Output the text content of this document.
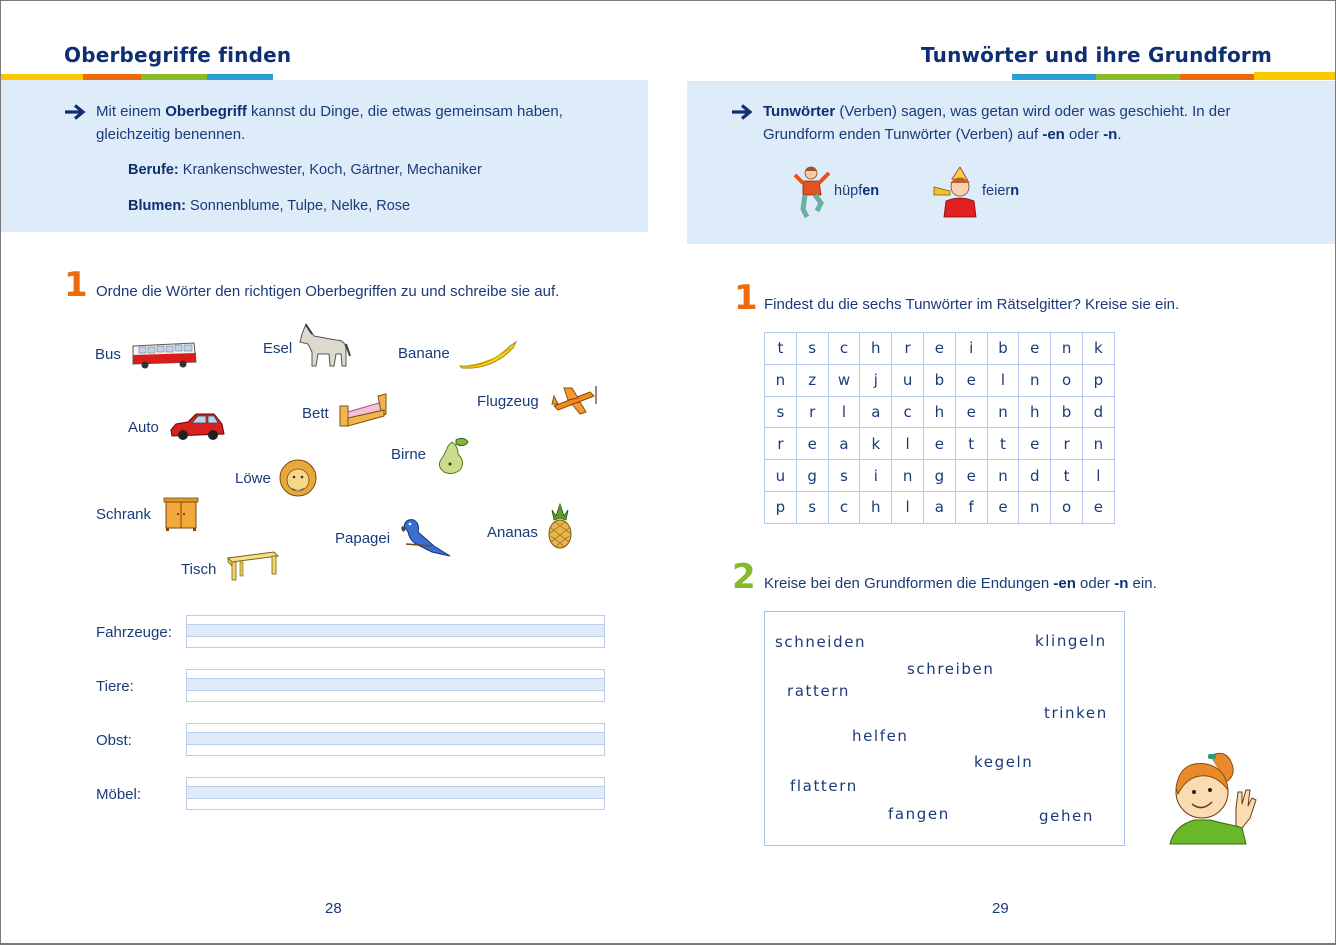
Oberbegriffe finden
Mit einem Oberbegriff kannst du Dinge, die etwas gemeinsam haben,
gleichzeitig benennen.
Berufe: Krankenschwester, Koch, Gärtner, Mechaniker
Blumen: Sonnenblume, Tulpe, Nelke, Rose
1 Ordne die Wörter den richtigen Oberbegriffen zu und schreibe sie auf.
Bus	Esel	Banane
Flugzeug
Bett
Auto
Birne
Löwe
Schrank
Ananas
Papagei
Tisch
Fahrzeuge:
Tiere:
Obst:
Möbel:
28
Tunwörter und ihre Grundform
Tunwörter (Verben) sagen, was getan wird oder was geschieht. In der
Grundform enden Tunwörter (Verben) auf -en oder -n.
hüpfen	feiern
1 Findest du die sechs Tunwörter im Rätselgitter? Kreise sie ein.
2 Kreise bei den Grundformen die Endungen -en oder -n ein.
29
t	s	c	h	r	e	i	b	e	n	k
n	z	w	j	u	b	e	l	n	o	p
s	r	l	a	c	h	e	n	h	b	d
r	e	a	k	l	e	t	t	e	r	n
u	g	s	i	n	g	e	n	d	t	l
p	s	c	h	l	a	f	e	n	o	e
schneiden	klingeln
schreiben
rattern
trinken
helfen
kegeln
flattern
fangen	gehen
